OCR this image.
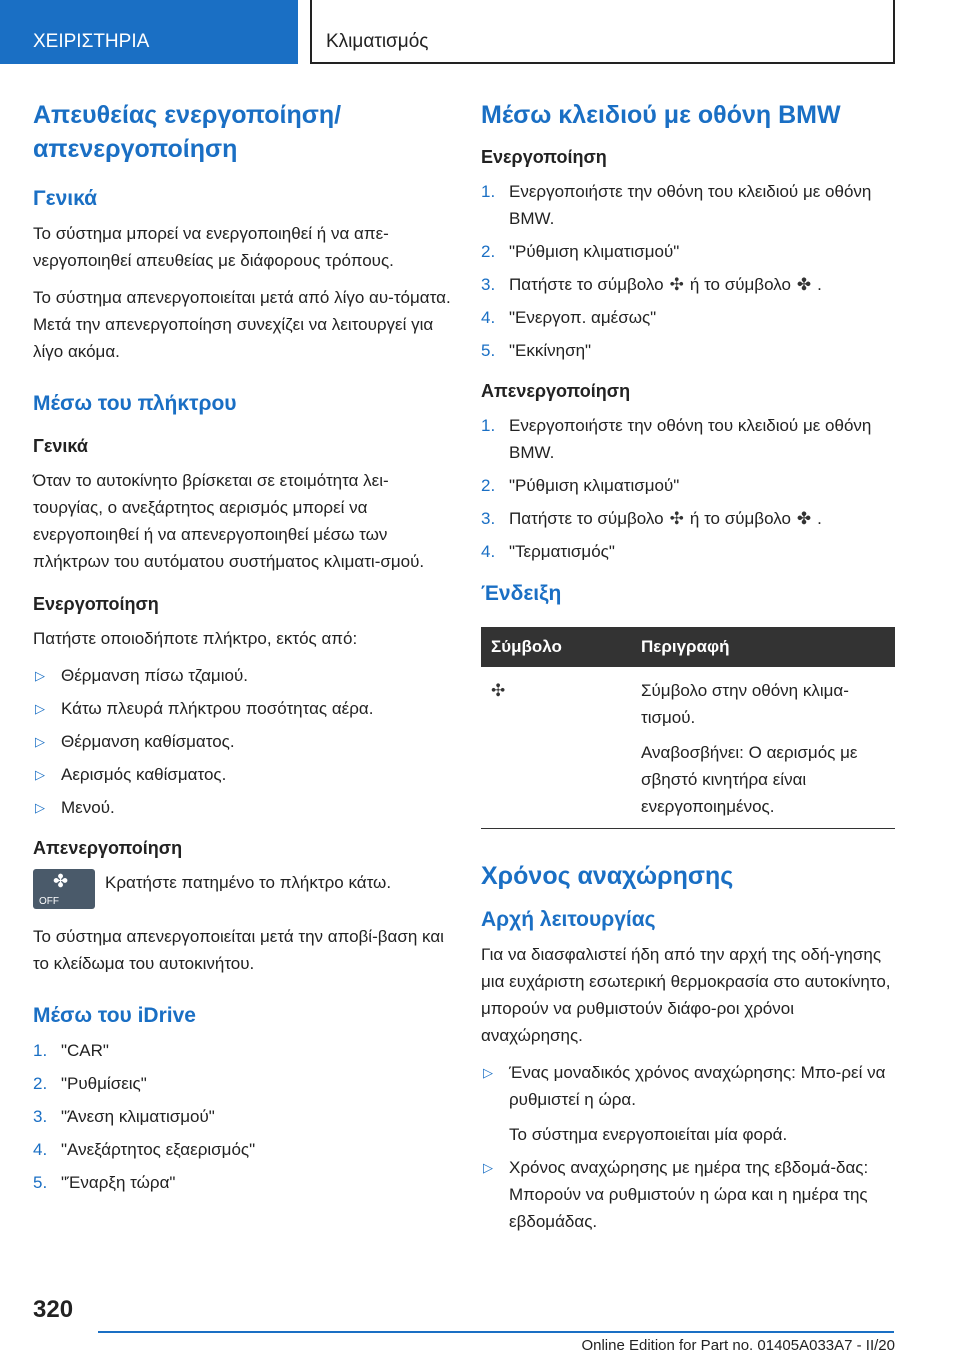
ΧΕΙΡΙΣΤΗΡΙΑ	Κλιματισμός
Απευθείας ενεργοποίηση/
απενεργοποίηση
Γενικά

Το σύστημα μπορεί να ενεργοποιηθεί ή να απε-νεργοποιηθεί απευθείας με διάφορους τρόπους.

Το σύστημα απενεργοποιείται μετά από λίγο αυ-τόματα. Μετά την απενεργοποίηση συνεχίζει να λειτουργεί για λίγο ακόμα.

Μέσω του πλήκτρου
Γενικά

Όταν το αυτοκίνητο βρίσκεται σε ετοιμότητα λει-τουργίας, ο ανεξάρτητος αερισμός μπορεί να ενεργοποιηθεί ή να απενεργοποιηθεί μέσω των πλήκτρων του αυτόματου συστήματος κλιματι-σμού.

Ενεργοποίηση

Πατήστε οποιοδήποτε πλήκτρο, εκτός από:

▷ Θέρμανση πίσω τζαμιού.
▷ Κάτω πλευρά πλήκτρου ποσότητας αέρα.
▷ Θέρμανση καθίσματος.
▷ Αερισμός καθίσματος.
▷ Μενού.
Απενεργοποίηση
✤
OFF
Κρατήστε πατημένο το πλήκτρο κάτω.

Το σύστημα απενεργοποιείται μετά την αποβί-βαση και το κλείδωμα του αυτοκινήτου.

Μέσω του iDrive
1. "CAR"
2. "Ρυθμίσεις"
3. "Άνεση κλιματισμού"
4. "Ανεξάρτητος εξαερισμός"
5. "Έναρξη τώρα"
Μέσω κλειδιού με οθόνη BMW
Ενεργοποίηση
1. Ενεργοποιήστε την οθόνη του κλειδιού με οθόνη BMW.
2. "Ρύθμιση κλιματισμού"
3. Πατήστε το σύμβολο ✣ ή το σύμβολο ✤ .
4. "Ενεργοπ. αμέσως"
5. "Εκκίνηση"
Απενεργοποίηση
1. Ενεργοποιήστε την οθόνη του κλειδιού με οθόνη BMW.
2. "Ρύθμιση κλιματισμού"
3. Πατήστε το σύμβολο ✣ ή το σύμβολο ✤ .
4. "Τερματισμός"
Ένδειξη
Σύμβολο	Περιγραφή
✣	Σύμβολο στην οθόνη κλιμα-τισμού.

Αναβοσβήνει: Ο αερισμός με σβηστό κινητήρα είναι ενεργοποιημένος.

Χρόνος αναχώρησης
Αρχή λειτουργίας

Για να διασφαλιστεί ήδη από την αρχή της οδή-γησης μια ευχάριστη εσωτερική θερμοκρασία στο αυτοκίνητο, μπορούν να ρυθμιστούν διάφο-ροι χρόνοι αναχώρησης.

▷ Ένας μοναδικός χρόνος αναχώρησης: Μπο-ρεί να ρυθμιστεί η ώρα.
Το σύστημα ενεργοποιείται μία φορά.
▷ Χρόνος αναχώρησης με ημέρα της εβδομά-δας: Μπορούν να ρυθμιστούν η ώρα και η ημέρα της εβδομάδας.
320
Online Edition for Part no. 01405A033A7 - II/20
